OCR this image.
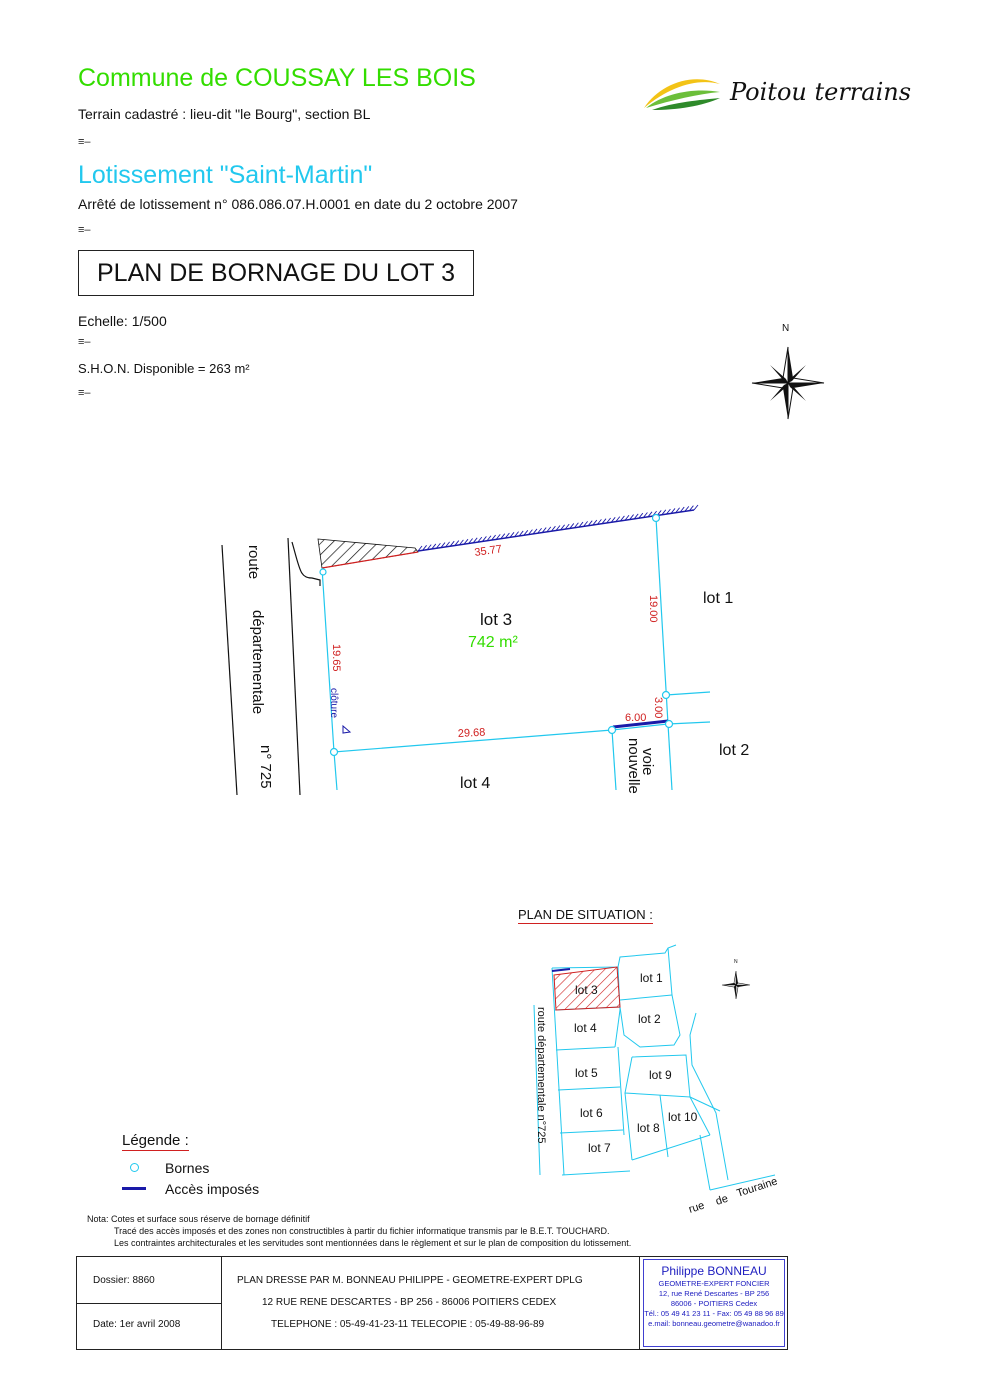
Commune de COUSSAY LES BOIS
Terrain cadastré : lieu-dit "le Bourg", section BL
≡–
Lotissement "Saint-Martin"
Arrêté de lotissement n° 086.086.07.H.0001 en date du 2 octobre 2007
≡–
PLAN DE BORNAGE DU LOT 3
Echelle: 1/500
≡–
S.H.O.N. Disponible = 263 m²
≡–
Poitou terrains
N
35.77
19.00
19.65
29.68
6.00 3.00
clôture
lot 3
742 m²
lot 1
lot 2
lot 4
route
départementale
n° 725	voie
nouvelle
PLAN DE SITUATION :
lot 1
lot 2
lot 3
lot 4
lot 5
lot 6
lot 7
lot 8
lot 9
lot 10
route départementale n°725
rue de
Touraine
N
Légende :
Bornes
Accès imposés
Nota: Cotes et surface sous réserve de bornage définitif
Tracé des accès imposés et des zones non constructibles à partir du fichier informatique transmis par le B.E.T. TOUCHARD.
Les contraintes architecturales et les servitudes sont mentionnées dans le règlement et sur le plan de composition du lotissement.
Dossier: 8860
Date: 1er avril 2008
PLAN DRESSE PAR M. BONNEAU PHILIPPE - GEOMETRE-EXPERT DPLG
12 RUE RENE DESCARTES - BP 256 - 86006 POITIERS CEDEX
TELEPHONE : 05-49-41-23-11 TELECOPIE : 05-49-88-96-89
Philippe BONNEAU
GEOMETRE-EXPERT FONCIER
12, rue René Descartes - BP 256
86006 - POITIERS Cedex
Tél.: 05 49 41 23 11 - Fax: 05 49 88 96 89
e.mail: bonneau.geometre@wanadoo.fr
